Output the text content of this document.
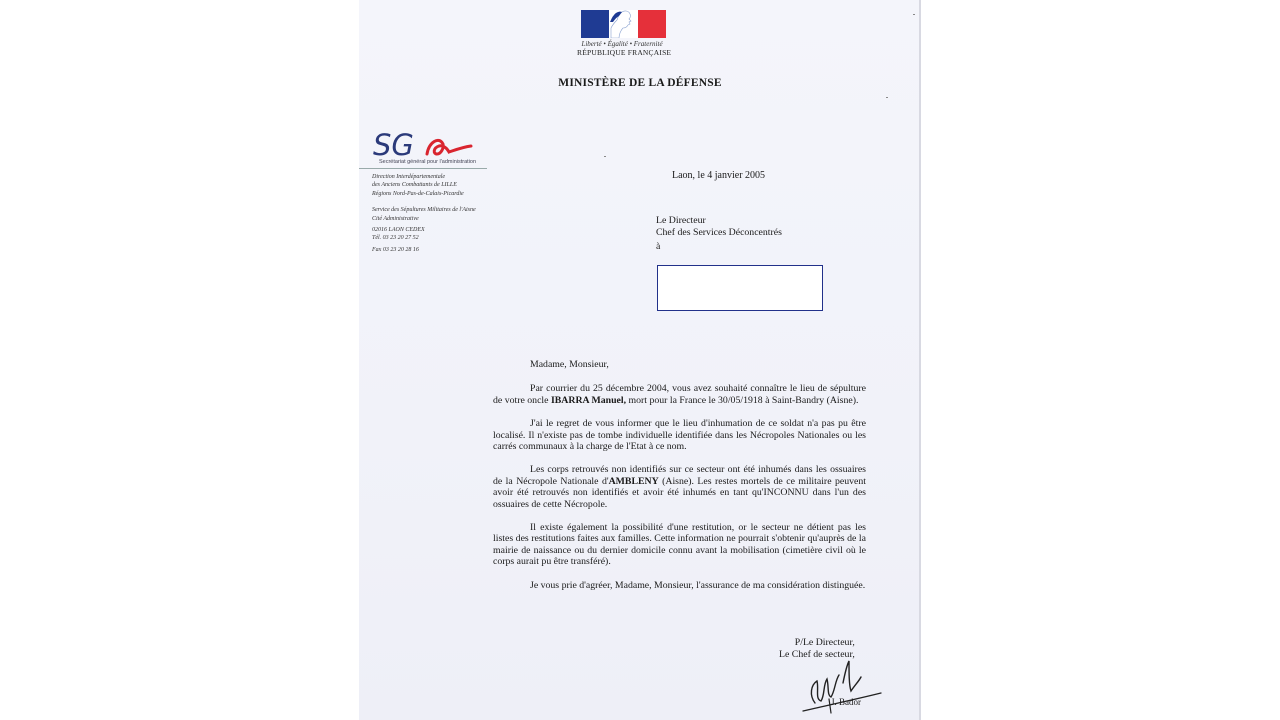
Liberté • Égalité • Fraternité
RÉPUBLIQUE FRANÇAISE
MINISTÈRE DE LA DÉFENSE
SG
Secrétariat général pour l'administration
Direction Interdépartementale
des Anciens Combattants de LILLE
Régions Nord-Pas-de-Calais-Picardie
Service des Sépultures Militaires de l'Aisne
Cité Administrative
02016 LAON CEDEX
Tél. 03 23 20 27 52
Fax 03 23 20 28 16
Laon, le 4 janvier 2005
Le Directeur
Chef des Services Déconcentrés
à
Madame, Monsieur,

Par courrier du 25 décembre 2004, vous avez souhaité connaître le lieu de sépulture de votre oncle IBARRA Manuel, mort pour la France le 30/05/1918 à Saint-Bandry (Aisne).

J'ai le regret de vous informer que le lieu d'inhumation de ce soldat n'a pas pu être localisé. Il n'existe pas de tombe individuelle identifiée dans les Nécropoles Nationales ou les carrés communaux à la charge de l'Etat à ce nom.

Les corps retrouvés non identifiés sur ce secteur ont été inhumés dans les ossuaires de la Nécropole Nationale d'AMBLENY (Aisne). Les restes mortels de ce militaire peuvent avoir été retrouvés non identifiés et avoir été inhumés en tant qu'INCONNU dans l'un des ossuaires de cette Nécropole.

Il existe également la possibilité d'une restitution, or le secteur ne détient pas les listes des restitutions faites aux familles. Cette information ne pourrait s'obtenir qu'auprès de la mairie de naissance ou du dernier domicile connu avant la mobilisation (cimetière civil où le corps aurait pu être transféré).

Je vous prie d'agréer, Madame, Monsieur, l'assurance de ma considération distinguée.

P/Le Directeur,
Le Chef de secteur,
J. Bador
